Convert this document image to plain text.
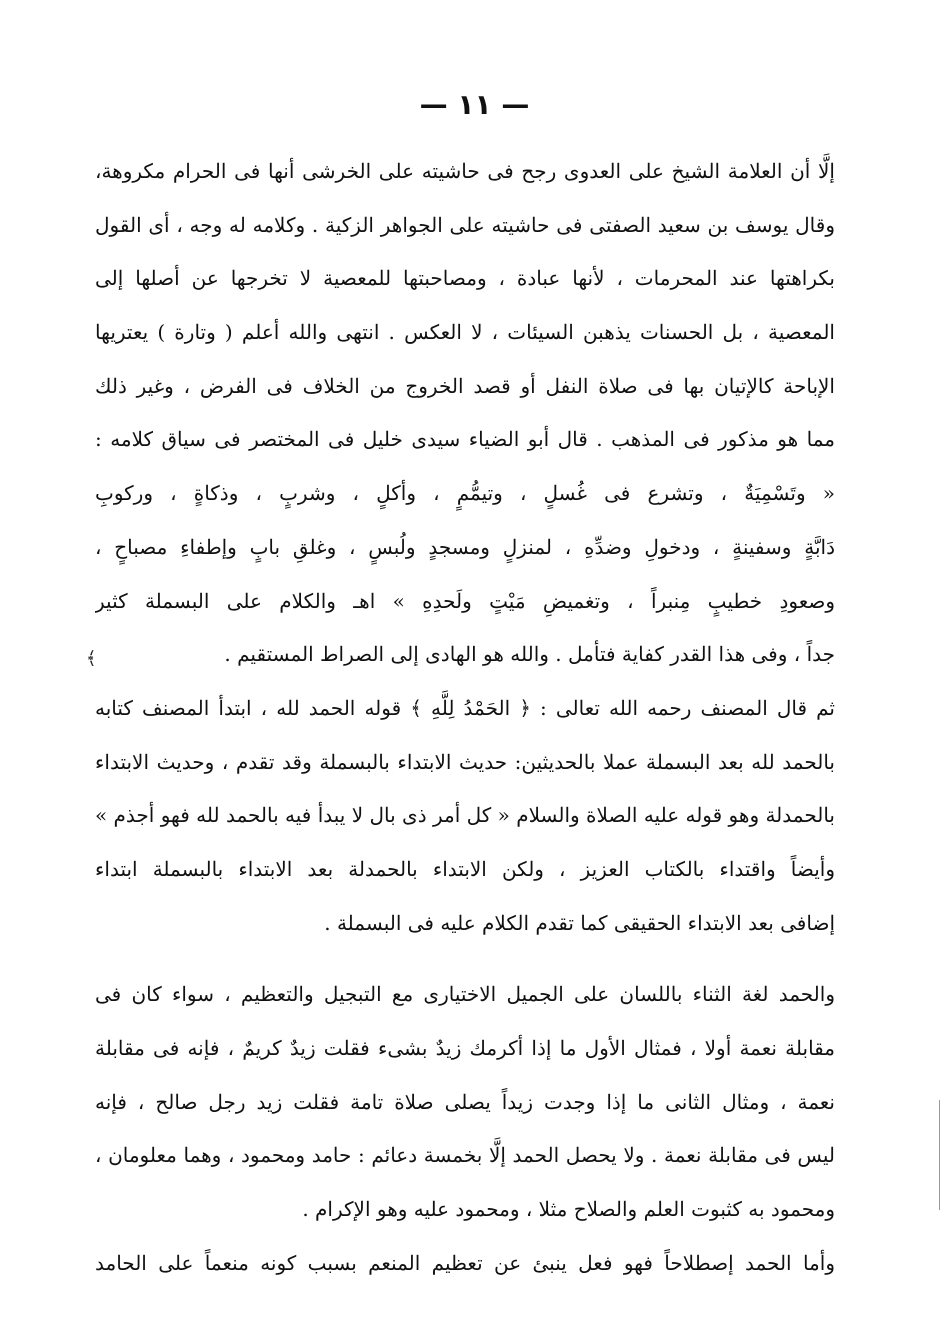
— ١١ —
إلَّا أن العلامة الشيخ على العدوى رجح فى حاشيته على الخرشى أنها فى الحرام مكروهة،
وقال يوسف بن سعيد الصفتى فى حاشيته على الجواهر الزكية . وكلامه له وجه ، أى القول
بكراهتها عند المحرمات ، لأنها عبادة ، ومصاحبتها للمعصية لا تخرجها عن أصلها إلى
المعصية ، بل الحسنات يذهبن السيئات ، لا العكس . انتهى والله أعلم ( وتارة ) يعتريها
الإباحة كالإتيان بها فى صلاة النفل أو قصد الخروج من الخلاف فى الفرض ، وغير ذلك
مما هو مذكور فى المذهب . قال أبو الضياء سيدى خليل فى المختصر فى سياق كلامه :
« وتَسْمِيَةٌ ، وتشرع فى غُسلٍ ، وتيمُّمٍ ، وأكلٍ ، وشربٍ ، وذكاةٍ ، وركوبِ
دَابَّةٍ وسفينةٍ ، ودخولِ وضدِّهِ ، لمنزلٍ ومسجدٍ ولُبسٍ ، وغلقِ بابٍ وإطفاءِ مصباحٍ ،
وصعودِ خطيبٍ مِنبراً ، وتغميضِ مَيْتٍ ولَحدِهِ » اهـ والكلام على البسملة كثير
جداً ، وفى هذا القدر كفاية فتأمل . والله هو الهادى إلى الصراط المستقيم .
ثم قال المصنف رحمه الله تعالى : ﴿ الحَمْدُ لِلَّهِ ﴾ قوله الحمد لله ، ابتدأ المصنف كتابه
بالحمد لله بعد البسملة عملا بالحديثين: حديث الابتداء بالبسملة وقد تقدم ، وحديث الابتداء
بالحمدلة وهو قوله عليه الصلاة والسلام « كل أمر ذى بال لا يبدأ فيه بالحمد لله فهو أجذم »
وأيضاً واقتداء بالكتاب العزيز ، ولكن الابتداء بالحمدلة بعد الابتداء بالبسملة ابتداء
إضافى بعد الابتداء الحقيقى كما تقدم الكلام عليه فى البسملة .
والحمد لغة الثناء باللسان على الجميل الاختيارى مع التبجيل والتعظيم ، سواء كان فى
مقابلة نعمة أولا ، فمثال الأول ما إذا أكرمك زيدٌ بشىء فقلت زيدٌ كريمٌ ، فإنه فى مقابلة
نعمة ، ومثال الثانى ما إذا وجدت زيداً يصلى صلاة تامة فقلت زيد رجل صالح ، فإنه
ليس فى مقابلة نعمة . ولا يحصل الحمد إلَّا بخمسة دعائم : حامد ومحمود ، وهما معلومان ،
ومحمود به كثبوت العلم والصلاح مثلا ، ومحمود عليه وهو الإكرام .
وأما الحمد إصطلاحاً فهو فعل ينبئ عن تعظيم المنعم بسبب كونه منعماً على الحامد
﴾
